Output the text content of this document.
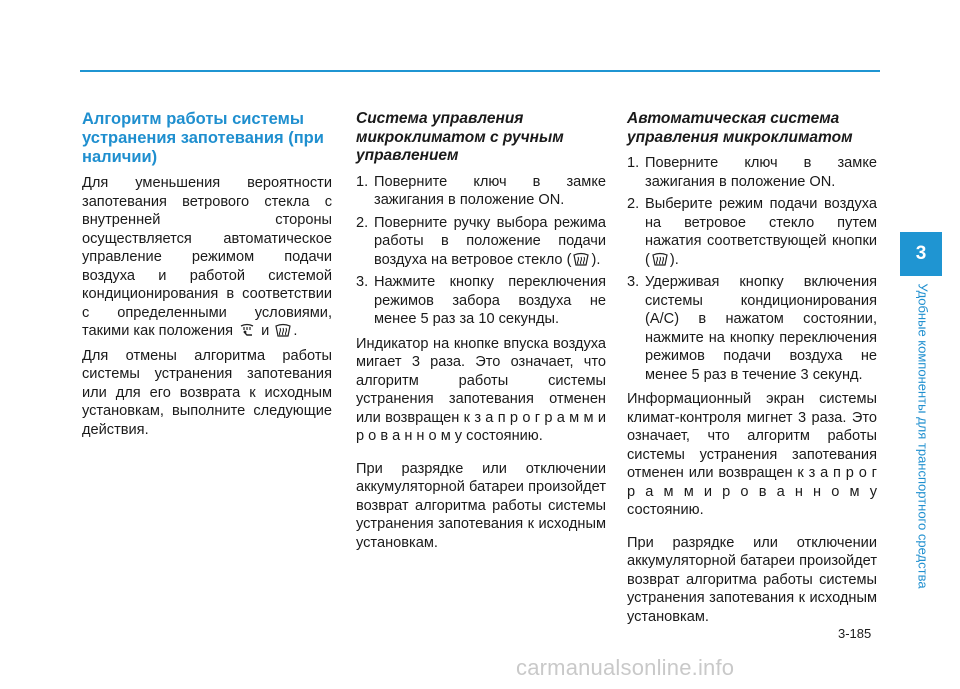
Алгоритм работы системы устранения запотевания (при наличии)

Для уменьшения вероятности запотевания ветрового стекла с внутренней стороны осуществляется автоматическое управление режимом подачи воздуха и работой системой кондиционирования в соответствии с определенными условиями, такими как положения и .

Для отмены алгоритма работы системы устранения запотевания или для его возврата к исходным установкам, выполните следующие действия.

Система управления микроклиматом с ручным управлением
1. Поверните ключ в замке зажигания в положение ON.
2. Поверните ручку выбора режима работы в положение подачи воздуха на ветровое стекло ( ).
3. Нажмите кнопку переключения режимов забора воздуха не менее 5 раз за 10 секунды.

Индикатор на кнопке впуска воздуха мигает 3 раза. Это означает, что алгоритм работы системы устранения запотевания отменен или возвращен к з а п р о г р а м м и р о в а н н о м у состоянию.

При разрядке или отключении аккумуляторной батареи произойдет возврат алгоритма работы системы устранения запотевания к исходным установкам.

Автоматическая система управления микроклиматом
1. Поверните ключ в замке зажигания в положение ON.
2. Выберите режим подачи воздуха на ветровое стекло путем нажатия соответствующей кнопки ( ).
3. Удерживая кнопку включения системы кондиционирования (A/C) в нажатом состоянии, нажмите на кнопку переключения режимов подачи воздуха не менее 5 раз в течение 3 секунд.

Информационный экран системы климат-контроля мигнет 3 раза. Это означает, что алгоритм работы системы устранения запотевания отменен или возвращен к з а п р о г р а м м и р о в а н н о м у состоянию.

При разрядке или отключении аккумуляторной батареи произойдет возврат алгоритма работы системы устранения запотевания к исходным установкам.

3
Удобные компоненты для транспортного средства
3-185
carmanualsonline.info
